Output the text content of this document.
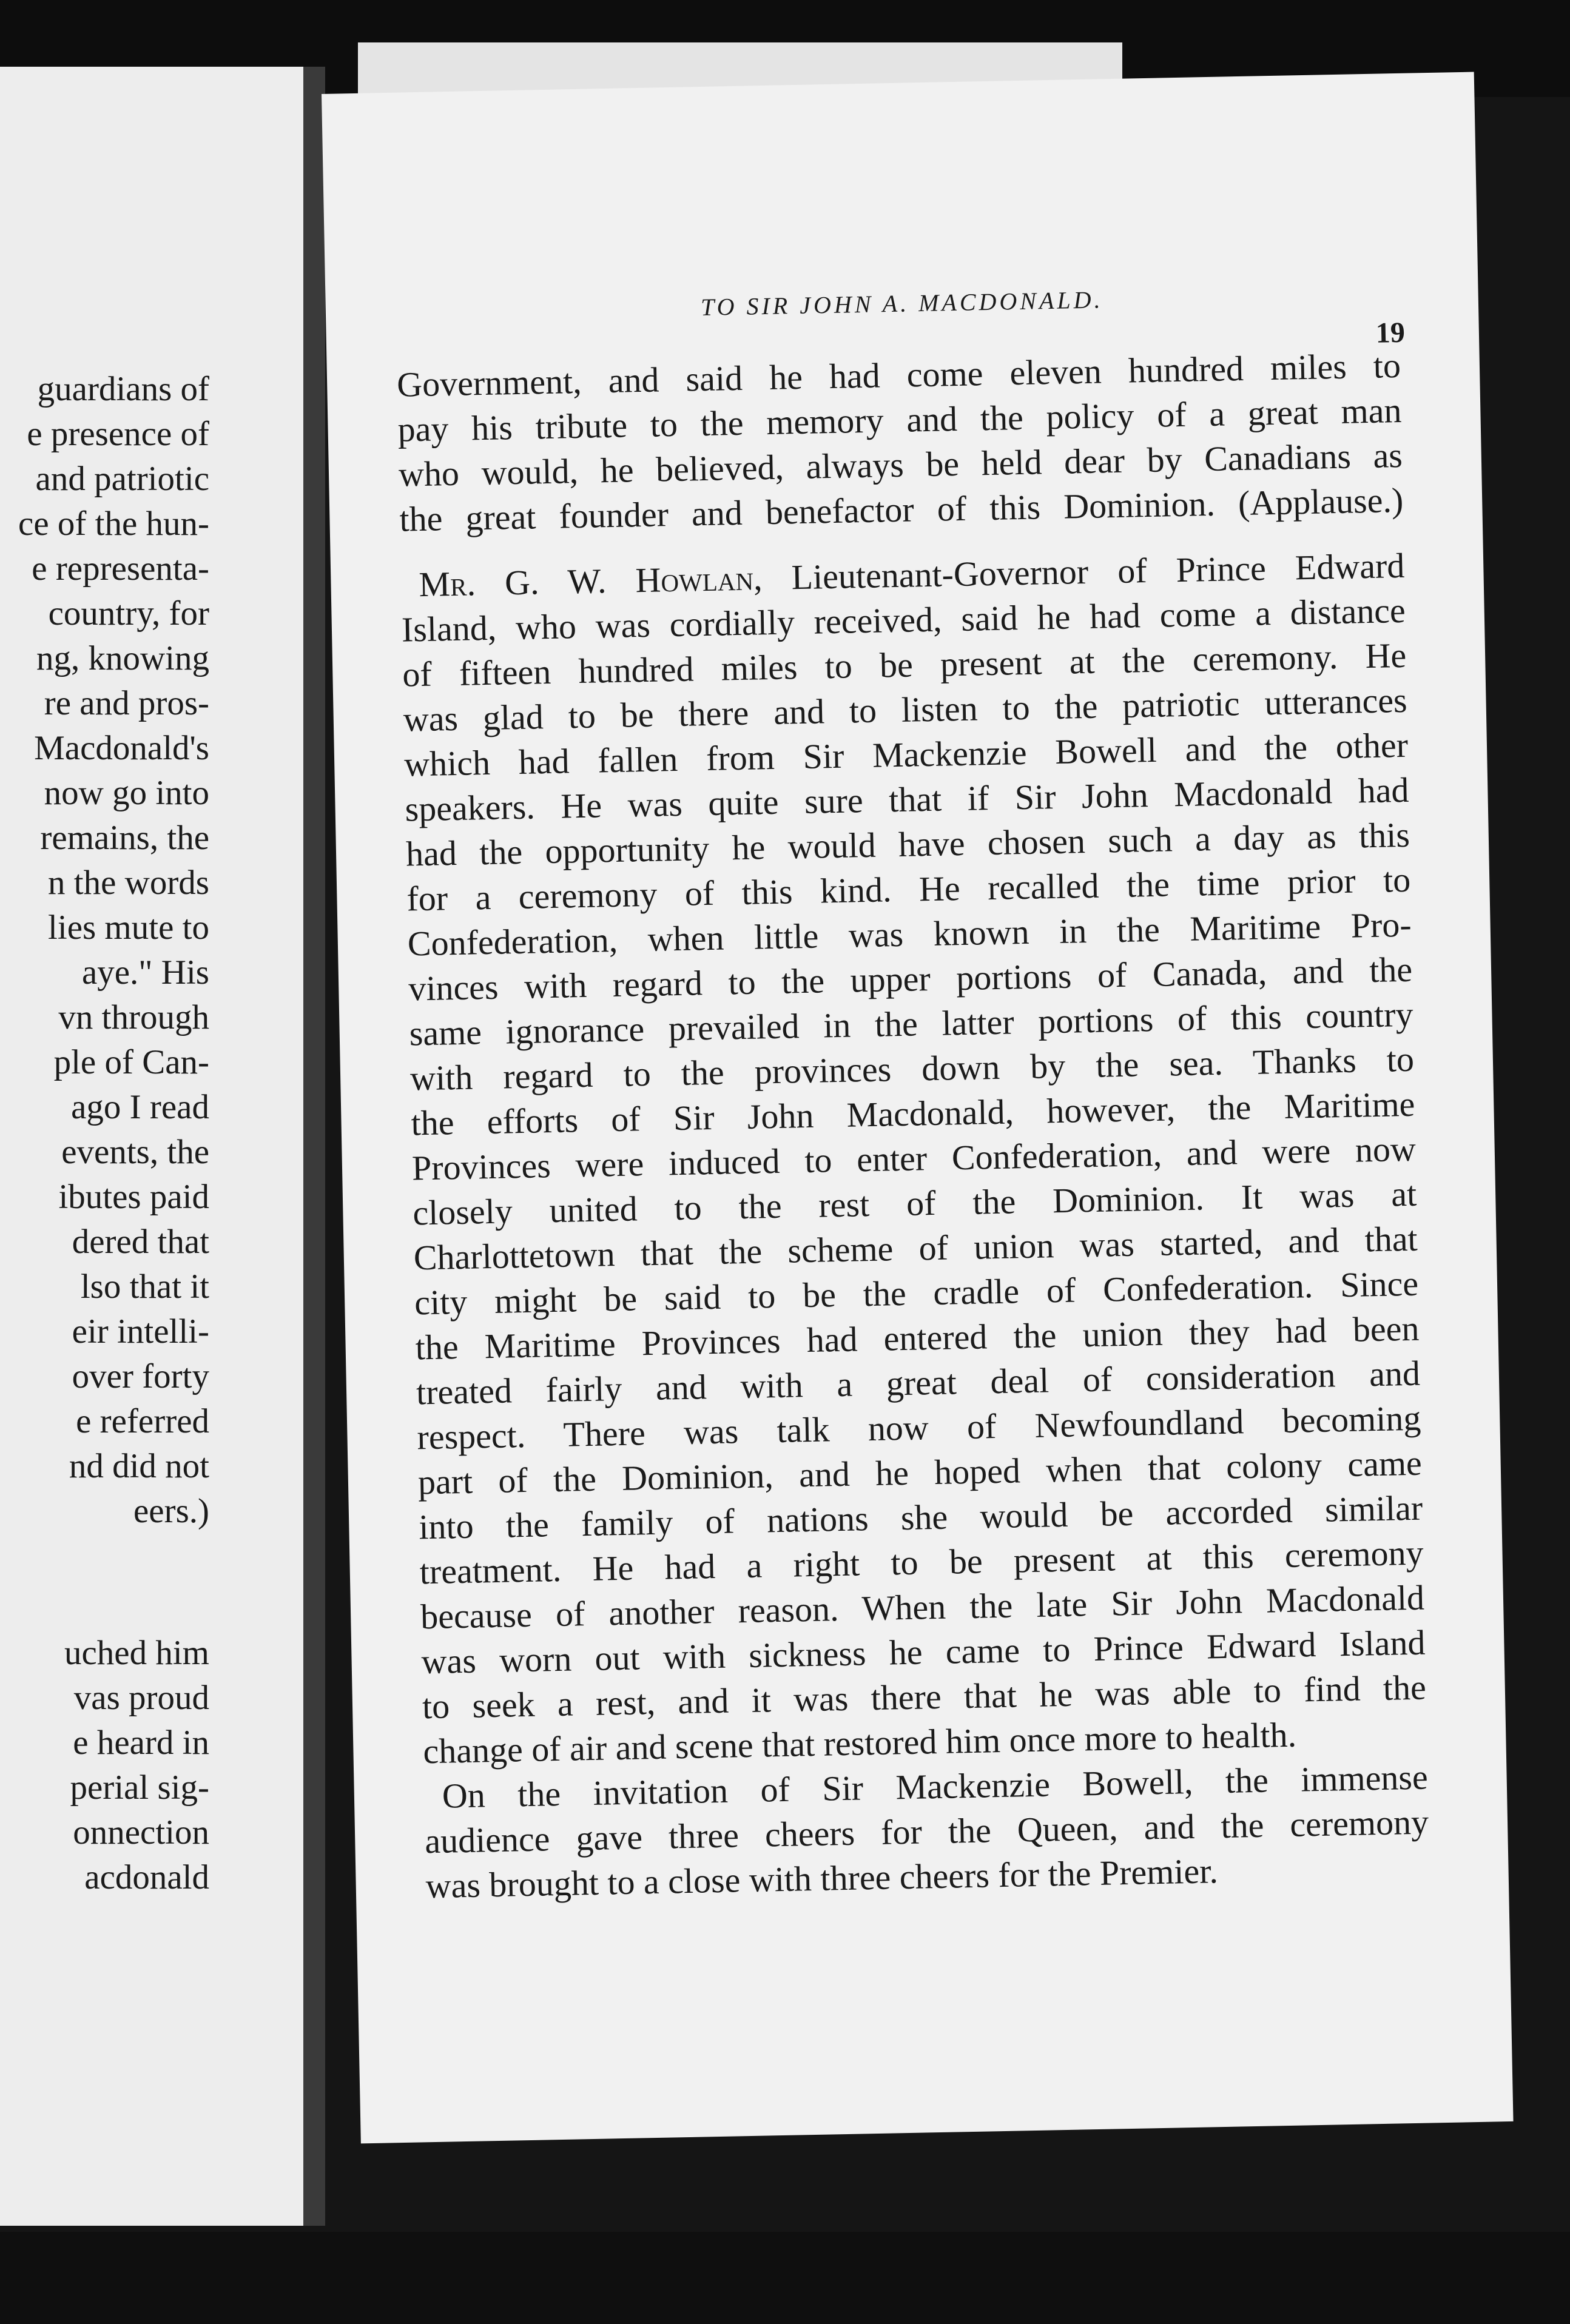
guardians of
e presence of
and patriotic
ce of the hun-
e representa-
country, for
ng, knowing
re and pros-
Macdonald's
now go into
remains, the
n the words
lies mute to
aye." His
vn through
ple of Can-
ago I read
events, the
ibutes paid
dered that
lso that it
eir intelli-
over forty
e referred
nd did not
eers.)
uched him
vas proud
e heard in
perial sig-
onnection
acdonald
TO SIR JOHN A. MACDONALD.
19
Government, and said he had come eleven hundred miles to
pay his tribute to the memory and the policy of a great man
who would, he believed, always be held dear by Canadians as
the great founder and benefactor of this Dominion. (Applause.)
Mr. G. W. Howlan, Lieutenant-Governor of Prince Edward
Island, who was cordially received, said he had come a distance
of fifteen hundred miles to be present at the ceremony. He
was glad to be there and to listen to the patriotic utterances
which had fallen from Sir Mackenzie Bowell and the other
speakers. He was quite sure that if Sir John Macdonald had
had the opportunity he would have chosen such a day as this
for a ceremony of this kind. He recalled the time prior to
Confederation, when little was known in the Maritime Pro-
vinces with regard to the upper portions of Canada, and the
same ignorance prevailed in the latter portions of this country
with regard to the provinces down by the sea. Thanks to
the efforts of Sir John Macdonald, however, the Maritime
Provinces were induced to enter Confederation, and were now
closely united to the rest of the Dominion. It was at
Charlottetown that the scheme of union was started, and that
city might be said to be the cradle of Confederation. Since
the Maritime Provinces had entered the union they had been
treated fairly and with a great deal of consideration and
respect. There was talk now of Newfoundland becoming
part of the Dominion, and he hoped when that colony came
into the family of nations she would be accorded similar
treatment. He had a right to be present at this ceremony
because of another reason. When the late Sir John Macdonald
was worn out with sickness he came to Prince Edward Island
to seek a rest, and it was there that he was able to find the
change of air and scene that restored him once more to health.
On the invitation of Sir Mackenzie Bowell, the immense
audience gave three cheers for the Queen, and the ceremony
was brought to a close with three cheers for the Premier.
